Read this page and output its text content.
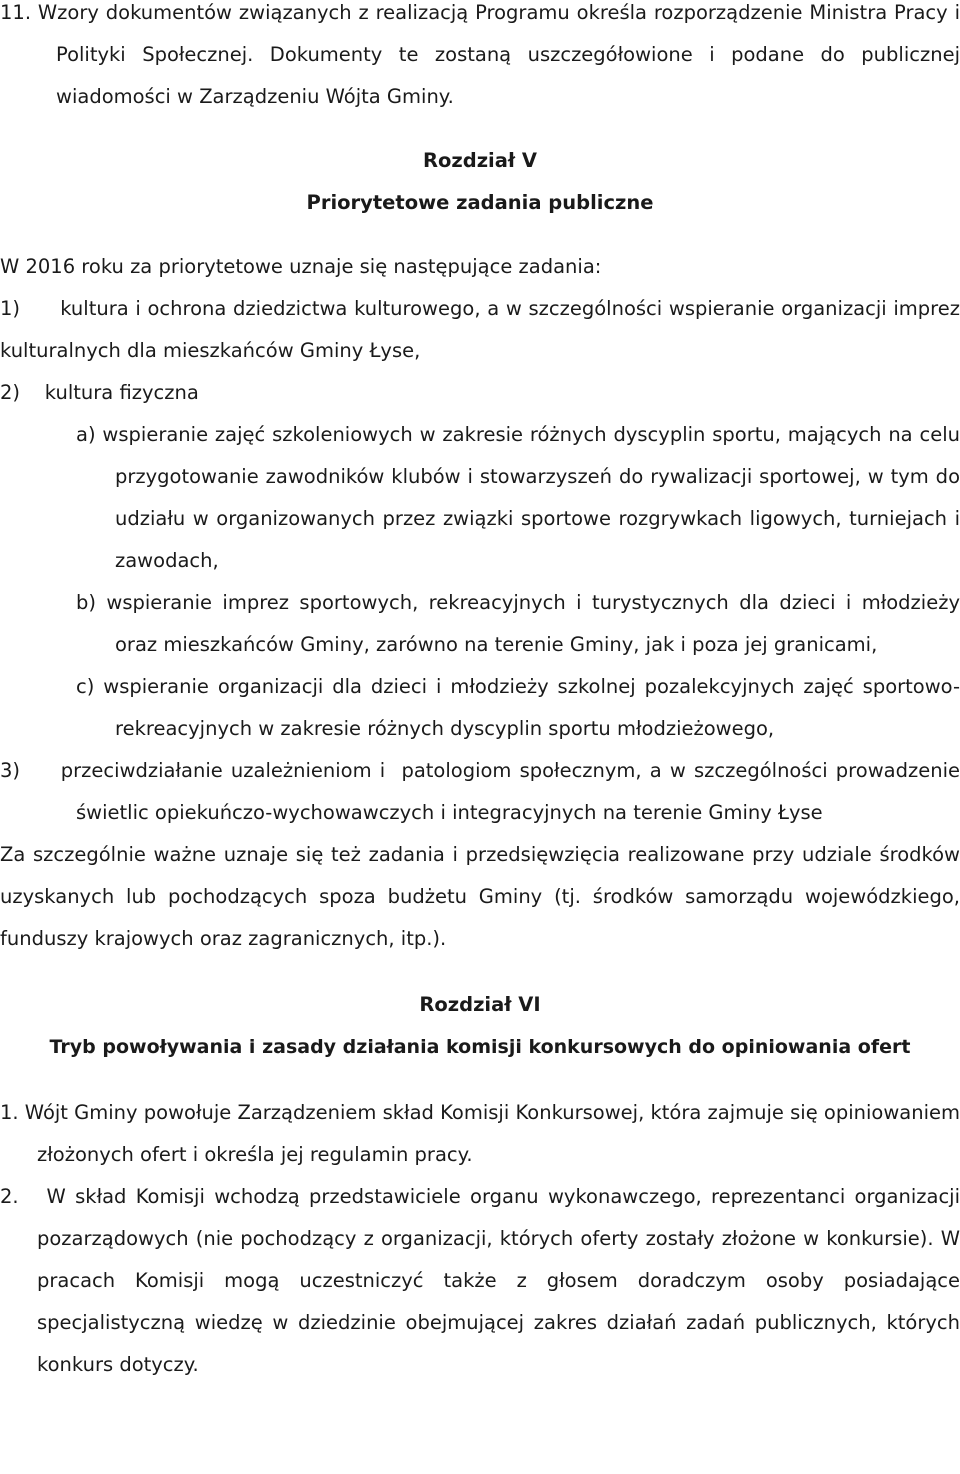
11. Wzory dokumentów związanych z realizacją Programu określa rozporządzenie Ministra Pracy i Polityki Społecznej. Dokumenty te zostaną uszczegółowione i podane do publicznej wiadomości w Zarządzeniu Wójta Gminy.

Rozdział V

Priorytetowe zadania publiczne

W 2016 roku za priorytetowe uznaje się następujące zadania:

1)      kultura i ochrona dziedzictwa kulturowego, a w szczególności wspieranie organizacji imprez kulturalnych dla mieszkańców Gminy Łyse,

2)    kultura fizyczna

a) wspieranie zajęć szkoleniowych w zakresie różnych dyscyplin sportu, mających na celu przygotowanie zawodników klubów i stowarzyszeń do rywalizacji sportowej, w tym do udziału w organizowanych przez związki sportowe rozgrywkach ligowych, turniejach i zawodach,

b) wspieranie imprez sportowych, rekreacyjnych i turystycznych dla dzieci i młodzieży oraz mieszkańców Gminy, zarówno na terenie Gminy, jak i poza jej granicami,

c) wspieranie organizacji dla dzieci i młodzieży szkolnej pozalekcyjnych zajęć sportowo-rekreacyjnych w zakresie różnych dyscyplin sportu młodzieżowego,

3)     przeciwdziałanie uzależnieniom i  patologiom społecznym, a w szczególności prowadzenie świetlic opiekuńczo-wychowawczych i integracyjnych na terenie Gminy Łyse

Za szczególnie ważne uznaje się też zadania i przedsięwzięcia realizowane przy udziale środków uzyskanych lub pochodzących spoza budżetu Gminy (tj. środków samorządu wojewódzkiego, funduszy krajowych oraz zagranicznych, itp.).

Rozdział VI

Tryb powoływania i zasady działania komisji konkursowych do opiniowania ofert

1. Wójt Gminy powołuje Zarządzeniem skład Komisji Konkursowej, która zajmuje się opiniowaniem złożonych ofert i określa jej regulamin pracy.

2.   W skład Komisji wchodzą przedstawiciele organu wykonawczego, reprezentanci organizacji pozarządowych (nie pochodzący z organizacji, których oferty zostały złożone w konkursie). W pracach Komisji mogą uczestniczyć także z głosem doradczym osoby posiadające specjalistyczną wiedzę w dziedzinie obejmującej zakres działań zadań publicznych, których konkurs dotyczy.
